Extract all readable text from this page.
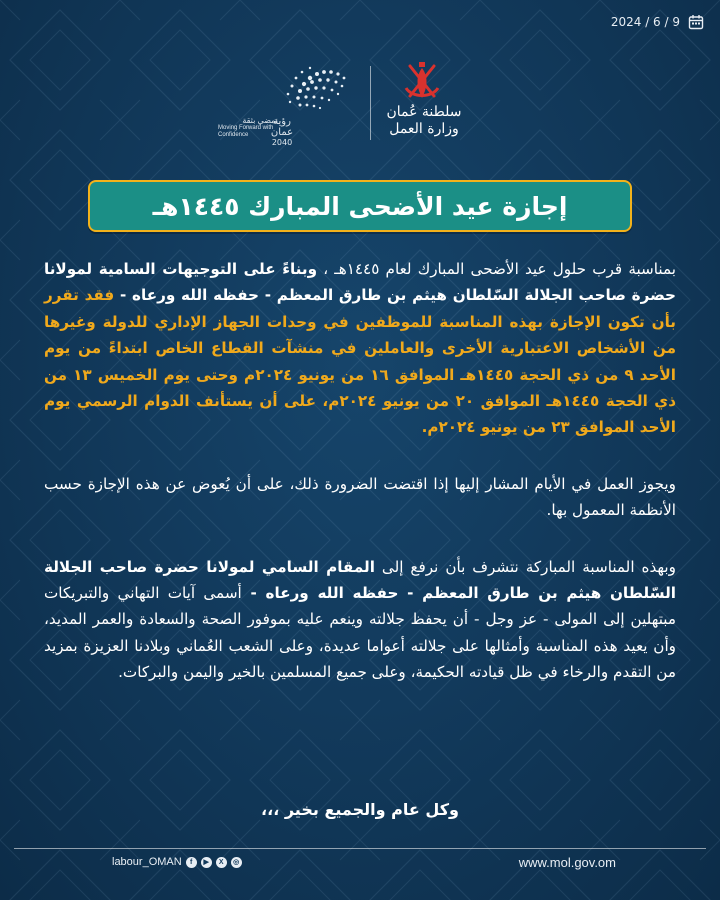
2024 / 6 / 9
نمضي بثقة
Moving Forward with Confidence
رؤية عمان
2040
سلطنة عُمان
وزارة العمل
إجازة عيد الأضحى المبارك ١٤٤٥هـ

بمناسبة قرب حلول عيد الأضحى المبارك لعام ١٤٤٥هـ ، وبناءً على التوجيهات السامية لمولانا حضرة صاحب الجلالة السّلطان هيثم بن طارق المعظم - حفظه الله ورعاه - فقد تقرر بأن تكون الإجازة بهذه المناسبة للموظفين في وحدات الجهاز الإداري للدولة وغيرها من الأشخاص الاعتبارية الأخرى والعاملين في منشآت القطاع الخاص ابتداءً من يوم الأحد ٩ من ذي الحجة ١٤٤٥هـ الموافق ١٦ من يونيو ٢٠٢٤م وحتى يوم الخميس ١٣ من ذي الحجة ١٤٤٥هـ الموافق ٢٠ من يونيو ٢٠٢٤م، على أن يستأنف الدوام الرسمي يوم الأحد الموافق ٢٣ من يونيو ٢٠٢٤م.

ويجوز العمل في الأيام المشار إليها إذا اقتضت الضرورة ذلك، على أن يُعوض عن هذه الإجازة حسب الأنظمة المعمول بها.

وبهذه المناسبة المباركة نتشرف بأن نرفع إلى المقام السامي لمولانا حضرة صاحب الجلالة السّلطان هيثم بن طارق المعظم - حفظه الله ورعاه - أسمى آيات التهاني والتبريكات مبتهلين إلى المولى - عز وجل - أن يحفظ جلالته وينعم عليه بموفور الصحة والسعادة والعمر المديد، وأن يعيد هذه المناسبة وأمثالها على جلالته أعواما عديدة، وعلى الشعب العُماني وبلادنا العزيزة بمزيد من التقدم والرخاء في ظل قيادته الحكيمة، وعلى جميع المسلمين بالخير واليمن والبركات.

وكل عام والجميع بخير ،،،
labour_OMAN	f	▶	X	◎	www.mol.gov.om
